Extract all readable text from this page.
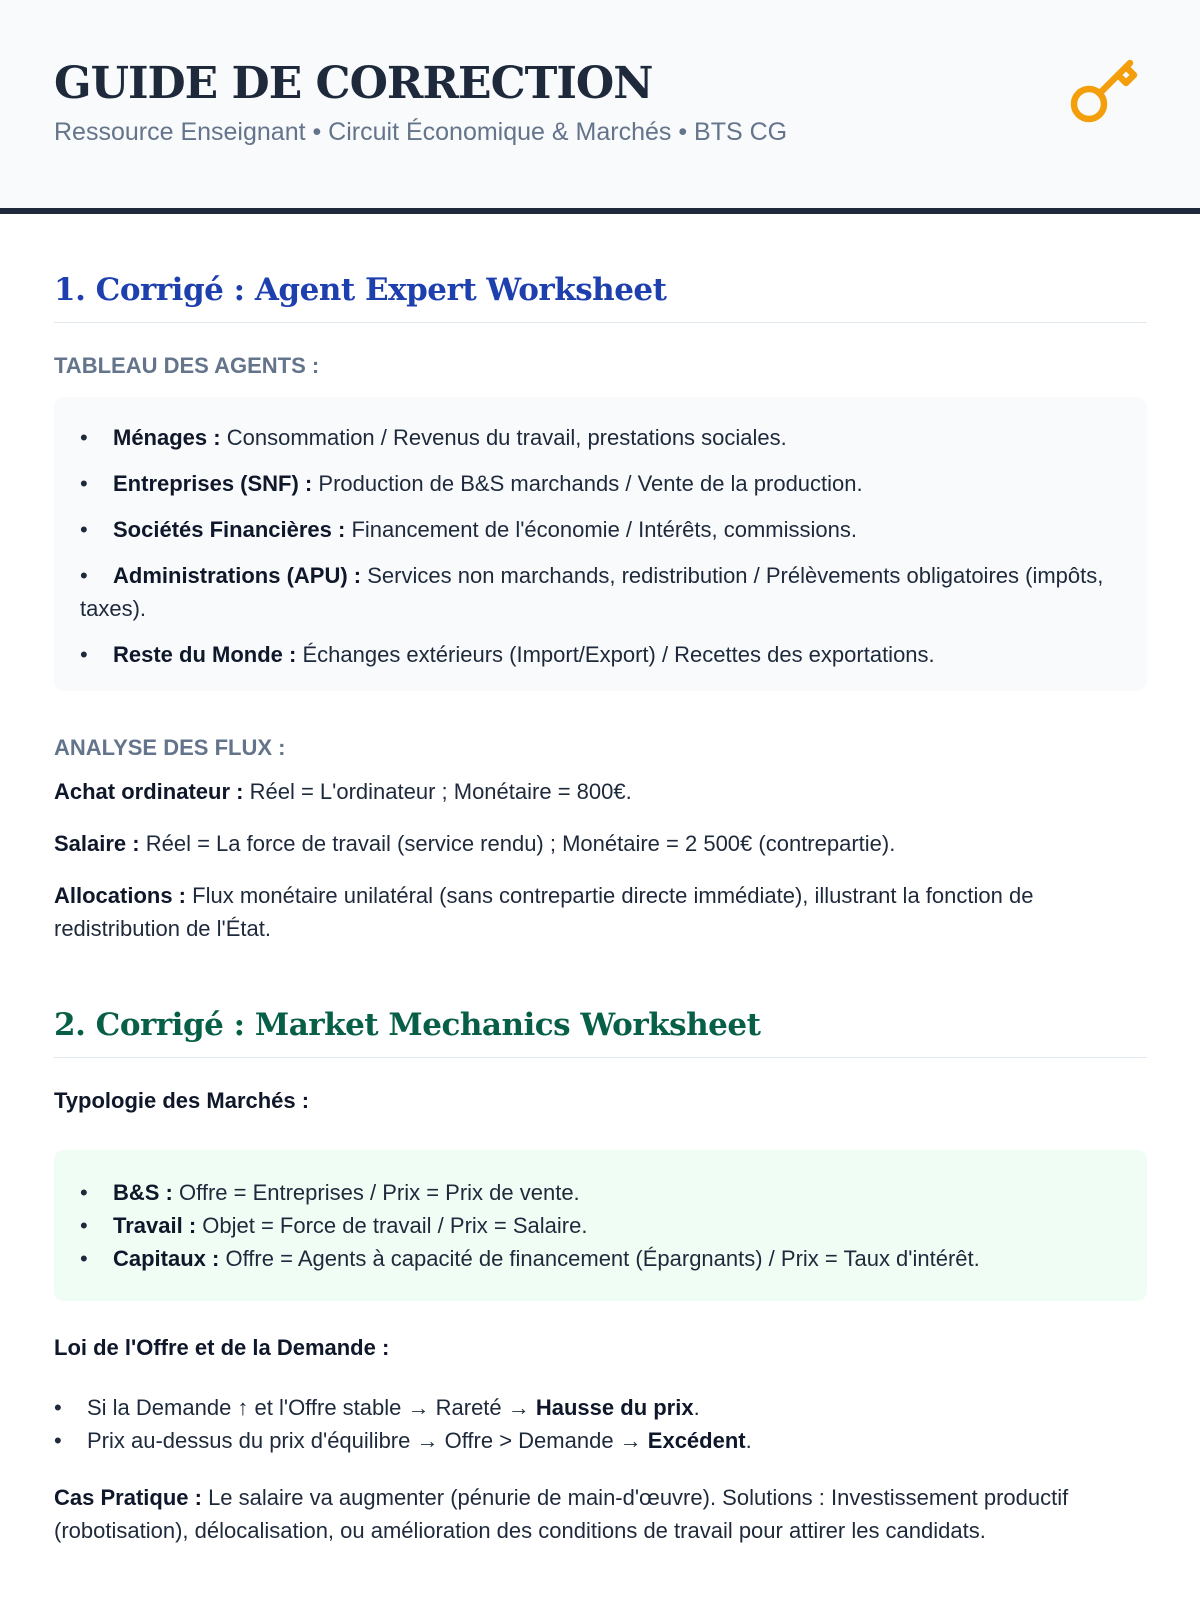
GUIDE DE CORRECTION
Ressource Enseignant • Circuit Économique & Marchés • BTS CG
1. Corrigé : Agent Expert Worksheet
TABLEAU DES AGENTS :
• Ménages : Consommation / Revenus du travail, prestations sociales.
• Entreprises (SNF) : Production de B&S marchands / Vente de la production.
• Sociétés Financières : Financement de l'économie / Intérêts, commissions.
• Administrations (APU) : Services non marchands, redistribution / Prélèvements obligatoires (impôts, taxes).
• Reste du Monde : Échanges extérieurs (Import/Export) / Recettes des exportations.
ANALYSE DES FLUX :
Achat ordinateur : Réel = L'ordinateur ; Monétaire = 800€.
Salaire : Réel = La force de travail (service rendu) ; Monétaire = 2 500€ (contrepartie).
Allocations : Flux monétaire unilatéral (sans contrepartie directe immédiate), illustrant la fonction de redistribution de l'État.
2. Corrigé : Market Mechanics Worksheet
Typologie des Marchés :
• B&S : Offre = Entreprises / Prix = Prix de vente.
• Travail : Objet = Force de travail / Prix = Salaire.
• Capitaux : Offre = Agents à capacité de financement (Épargnants) / Prix = Taux d'intérêt.
Loi de l'Offre et de la Demande :
• Si la Demande ↑ et l'Offre stable → Rareté → Hausse du prix.
• Prix au-dessus du prix d'équilibre → Offre > Demande → Excédent.
Cas Pratique : Le salaire va augmenter (pénurie de main-d'œuvre). Solutions : Investissement productif (robotisation), délocalisation, ou amélioration des conditions de travail pour attirer les candidats.
